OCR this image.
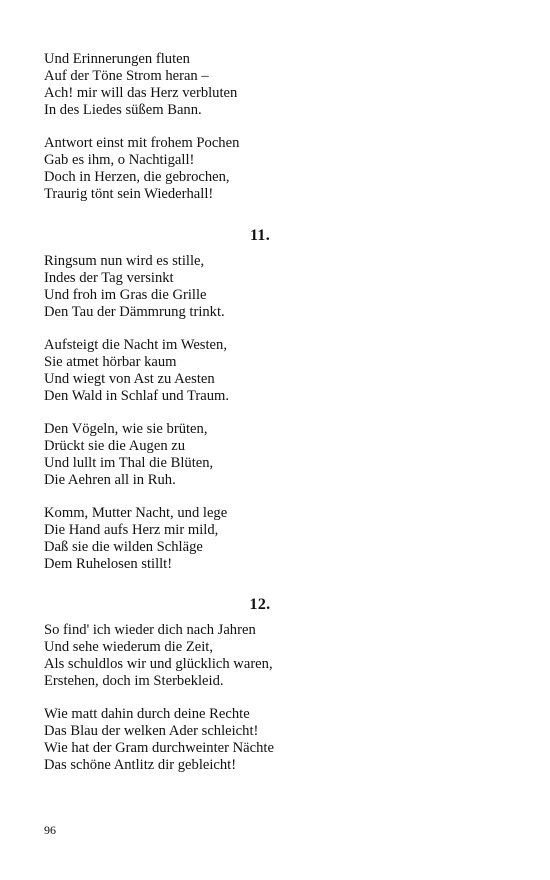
Und Erinnerungen fluten
Auf der Töne Strom heran –
Ach! mir will das Herz verbluten
In des Liedes süßem Bann.
Antwort einst mit frohem Pochen
Gab es ihm, o Nachtigall!
Doch in Herzen, die gebrochen,
Traurig tönt sein Wiederhall!
11.
Ringsum nun wird es stille,
Indes der Tag versinkt
Und froh im Gras die Grille
Den Tau der Dämmrung trinkt.
Aufsteigt die Nacht im Westen,
Sie atmet hörbar kaum
Und wiegt von Ast zu Aesten
Den Wald in Schlaf und Traum.
Den Vögeln, wie sie brüten,
Drückt sie die Augen zu
Und lullt im Thal die Blüten,
Die Aehren all in Ruh.
Komm, Mutter Nacht, und lege
Die Hand aufs Herz mir mild,
Daß sie die wilden Schläge
Dem Ruhelosen stillt!
12.
So find' ich wieder dich nach Jahren
Und sehe wiederum die Zeit,
Als schuldlos wir und glücklich waren,
Erstehen, doch im Sterbekleid.
Wie matt dahin durch deine Rechte
Das Blau der welken Ader schleicht!
Wie hat der Gram durchweinter Nächte
Das schöne Antlitz dir gebleicht!
96
